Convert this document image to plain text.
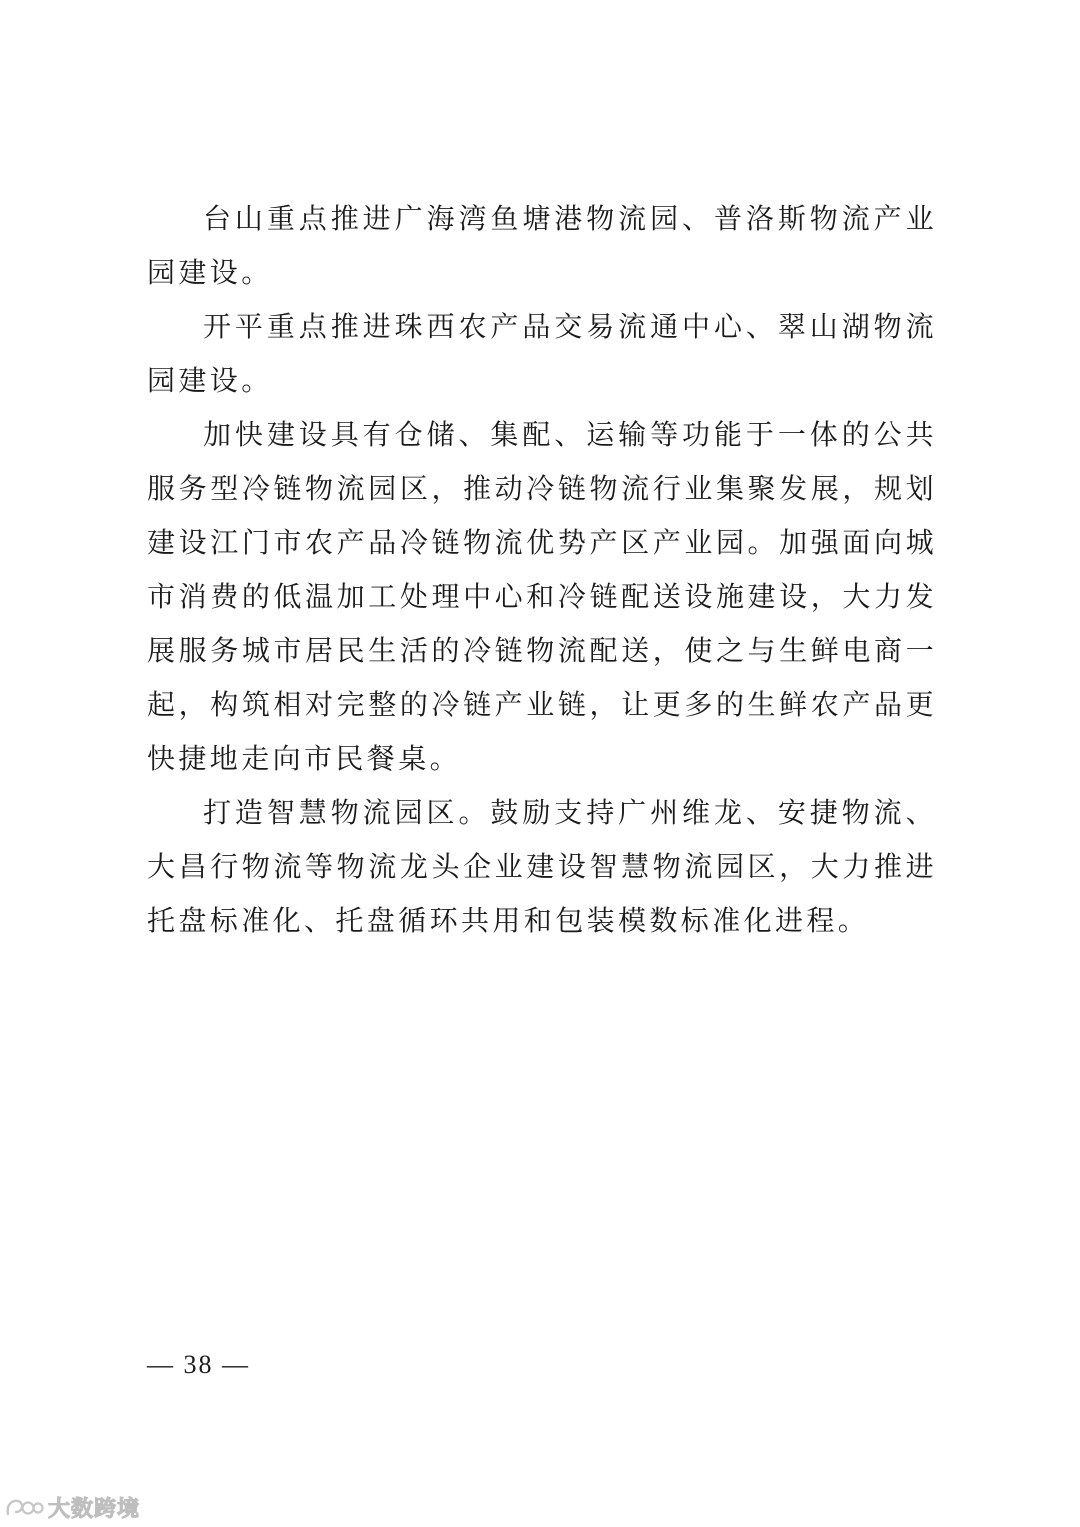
台山重点推进广海湾鱼塘港物流园、普洛斯物流产业园建设。

开平重点推进珠西农产品交易流通中心、翠山湖物流园建设。

加快建设具有仓储、集配、运输等功能于一体的公共服务型冷链物流园区，推动冷链物流行业集聚发展，规划建设江门市农产品冷链物流优势产区产业园。加强面向城市消费的低温加工处理中心和冷链配送设施建设，大力发展服务城市居民生活的冷链物流配送，使之与生鲜电商一起，构筑相对完整的冷链产业链，让更多的生鲜农产品更快捷地走向市民餐桌。

打造智慧物流园区。鼓励支持广州维龙、安捷物流、大昌行物流等物流龙头企业建设智慧物流园区，大力推进托盘标准化、托盘循环共用和包装模数标准化进程。

— 38 —
大数跨境
